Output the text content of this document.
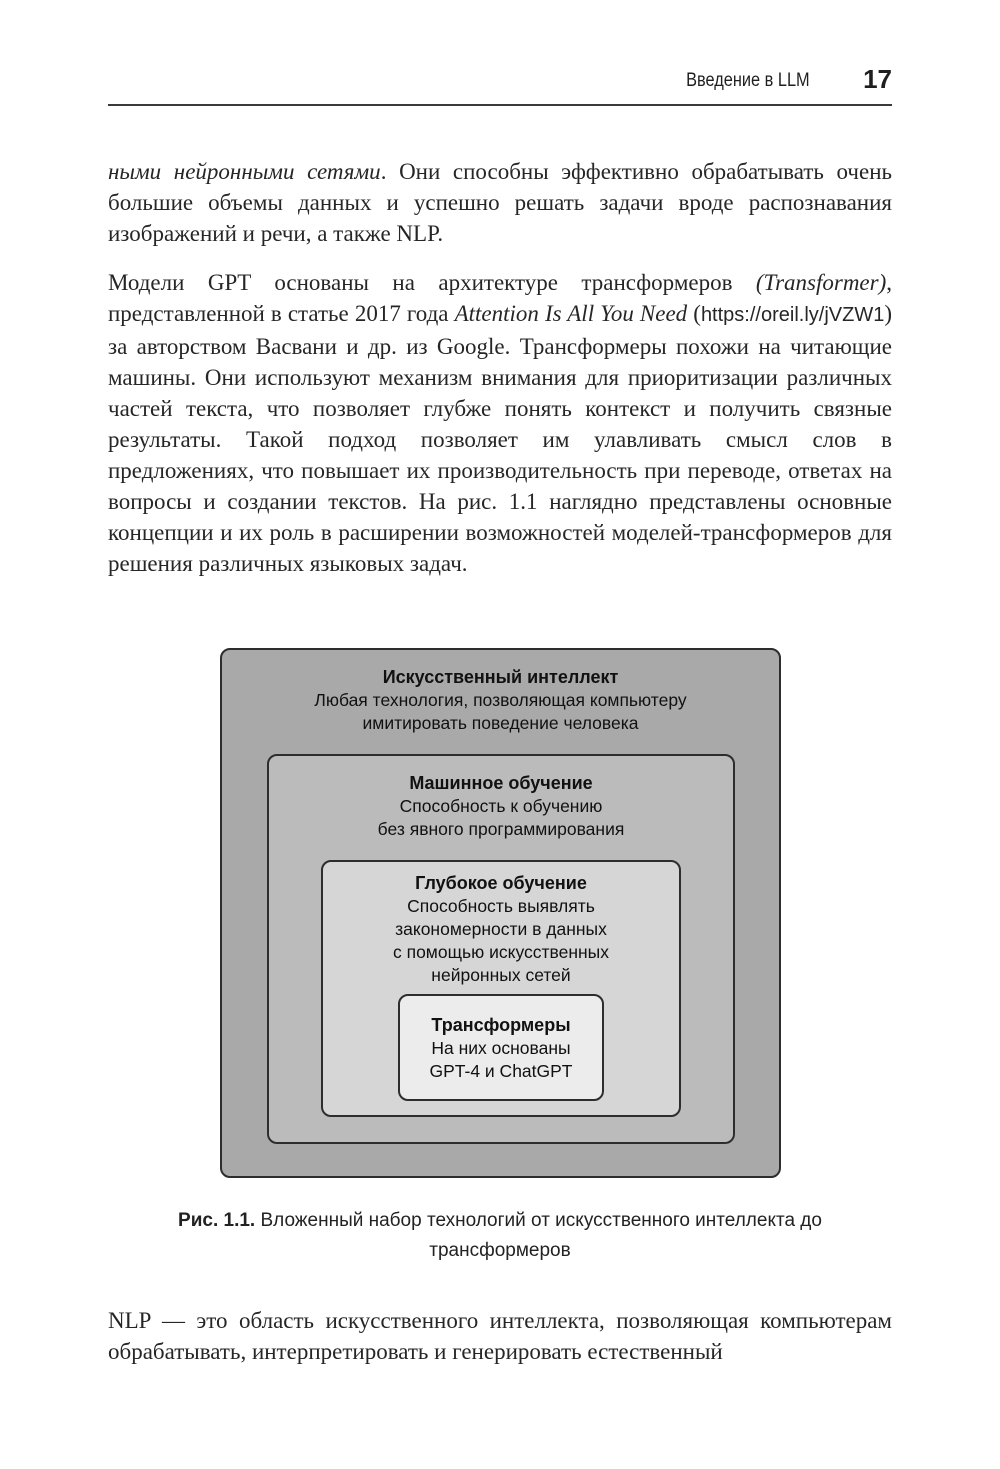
Введение в LLM 17

ными нейронными сетями. Они способны эффективно обрабатывать очень большие объемы данных и успешно решать задачи вроде распознавания изображений и речи, а также NLP.

Модели GPT основаны на архитектуре трансформеров (Transformer), представленной в статье 2017 года Attention Is All You Need (https://oreil.ly/jVZW1) за авторством Васвани и др. из Google. Трансформеры похожи на читающие машины. Они используют механизм внимания для приоритизации различных частей текста, что позволяет глубже понять контекст и получить связные результаты. Такой подход позволяет им улавливать смысл слов в предложениях, что повышает их производительность при переводе, ответах на вопросы и создании текстов. На рис. 1.1 наглядно представлены основные концепции и их роль в расширении возможностей моделей-трансформеров для решения различных языковых задач.

Искусственный интеллект
Любая технология, позволяющая компьютеру
имитировать поведение человека
Машинное обучение
Способность к обучению
без явного программирования
Глубокое обучение
Способность выявлять
закономерности в данных
с помощью искусственных
нейронных сетей
Трансформеры
На них основаны
GPT-4 и ChatGPT
Рис. 1.1. Вложенный набор технологий от искусственного интеллекта до трансформеров

NLP — это область искусственного интеллекта, позволяющая компьютерам обрабатывать, интерпретировать и генерировать естественный
